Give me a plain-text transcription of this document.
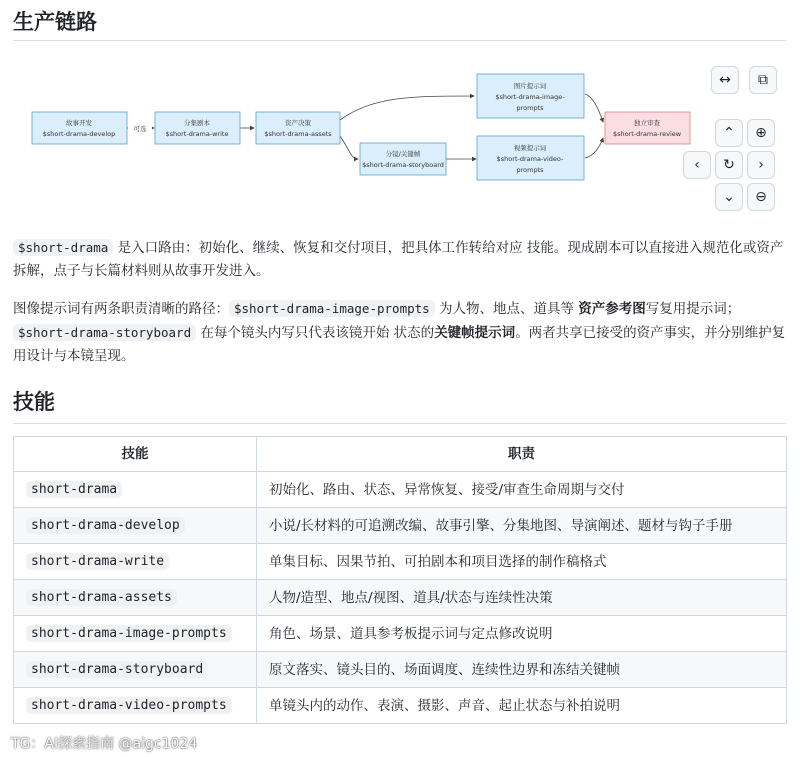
生产链路
可选
故事开发
$short-drama-develop
分集剧本
$short-drama-write
资产决策
$short-drama-assets
分镜/关键帧
$short-drama-storyboard
图片提示词
$short-drama-image-
prompts
视频提示词
$short-drama-video-
prompts
独立审查
$short-drama-review
↔ ⧉
⌃ ⊕
‹ ↻ ›
⌄ ⊖

$short-drama 是入口路由：初始化、继续、恢复和交付项目，把具体工作转给对应 技能。现成剧本可以直接进入规范化或资产拆解，点子与长篇材料则从故事开发进入。

图像提示词有两条职责清晰的路径： $short-drama-image-prompts 为人物、地点、道具等 资产参考图写复用提示词；$short-drama-storyboard 在每个镜头内写只代表该镜开始 状态的关键帧提示词。两者共享已接受的资产事实，并分别维护复用设计与本镜呈现。

技能
技能	职责
short-drama	初始化、路由、状态、异常恢复、接受/审查生命周期与交付
short-drama-develop	小说/长材料的可追溯改编、故事引擎、分集地图、导演阐述、题材与钩子手册
short-drama-write	单集目标、因果节拍、可拍剧本和项目选择的制作稿格式
short-drama-assets	人物/造型、地点/视图、道具/状态与连续性决策
short-drama-image-prompts	角色、场景、道具参考板提示词与定点修改说明
short-drama-storyboard	原文落实、镜头目的、场面调度、连续性边界和冻结关键帧
short-drama-video-prompts	单镜头内的动作、表演、摄影、声音、起止状态与补拍说明
TG：AI探索指南 @aigc1024
